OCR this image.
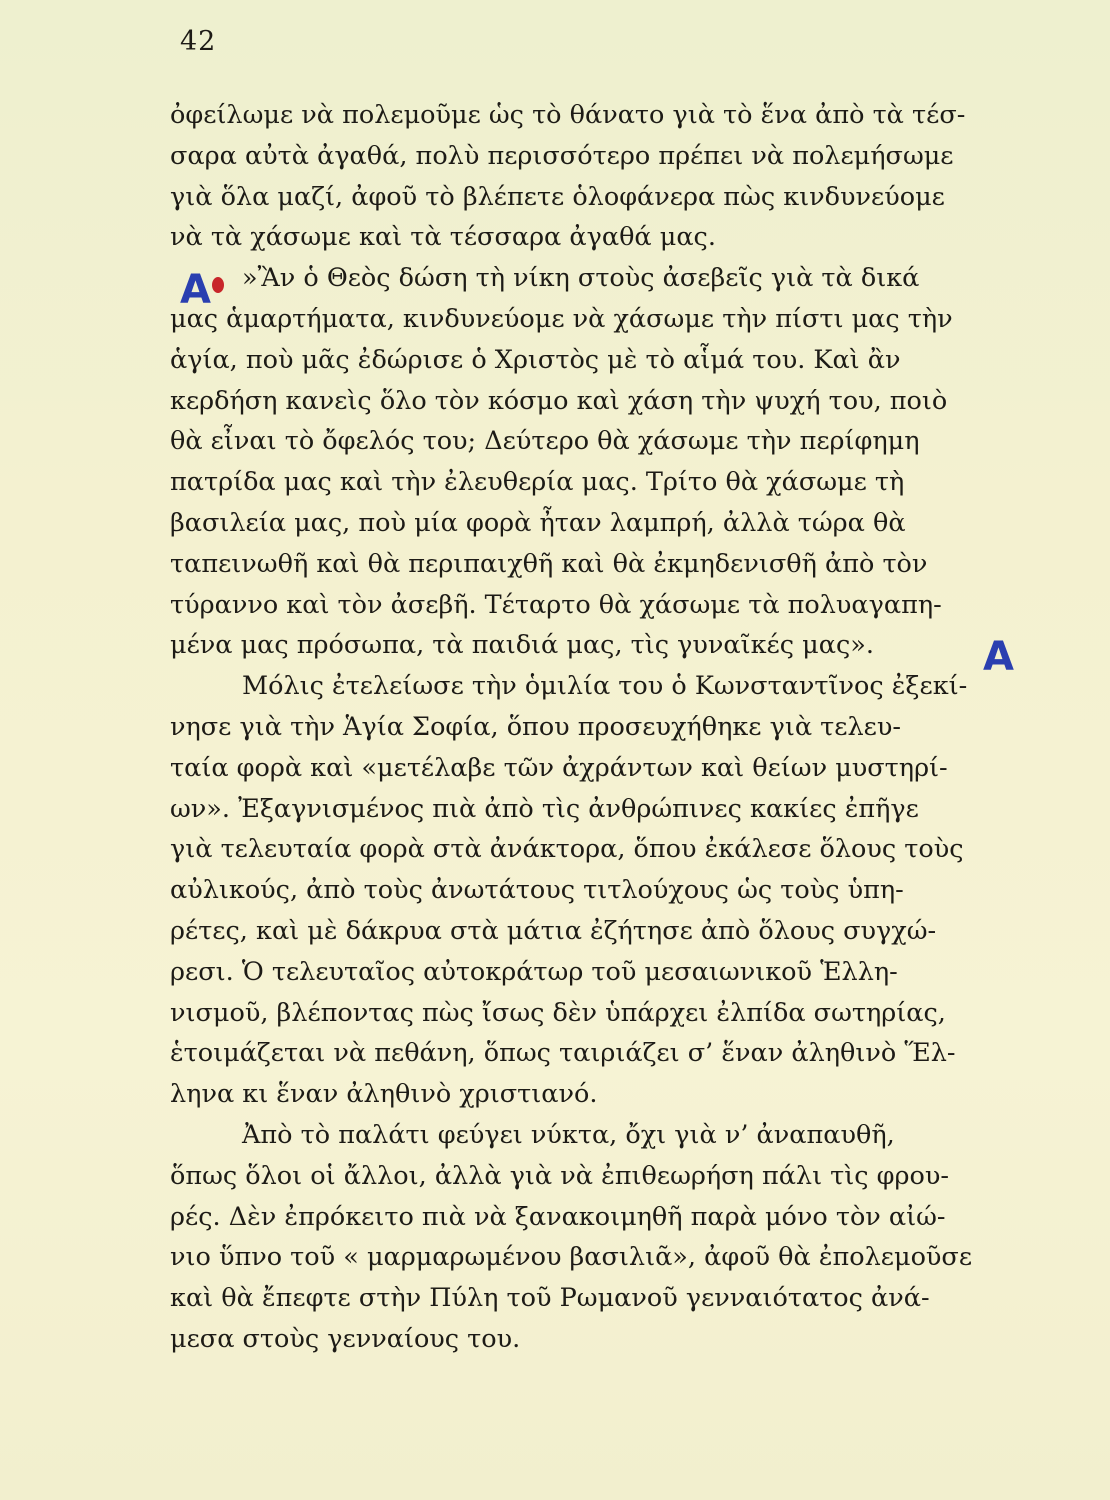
42
A
A
ὀφείλωμε νὰ πολεμοῦμε ὡς τὸ θάνατο γιὰ τὸ ἕνα ἀπὸ τὰ τέσ-
σαρα αὐτὰ ἀγαθά, πολὺ περισσότερο πρέπει νὰ πολεμήσωμε
γιὰ ὅλα μαζί, ἀφοῦ τὸ βλέπετε ὁλοφάνερα πὼς κινδυνεύομε
νὰ τὰ χάσωμε καὶ τὰ τέσσαρα ἀγαθά μας.
»Ἂν ὁ Θεὸς δώση τὴ νίκη στοὺς ἀσεβεῖς γιὰ τὰ δικά
μας ἁμαρτήματα, κινδυνεύομε νὰ χάσωμε τὴν πίστι μας τὴν
ἁγία, ποὺ μᾶς ἐδώρισε ὁ Χριστὸς μὲ τὸ αἷμά του. Καὶ ἂν
κερδήση κανεὶς ὅλο τὸν κόσμο καὶ χάση τὴν ψυχή του, ποιὸ
θὰ εἶναι τὸ ὄφελός του; Δεύτερο θὰ χάσωμε τὴν περίφημη
πατρίδα μας καὶ τὴν ἐλευθερία μας. Τρίτο θὰ χάσωμε τὴ
βασιλεία μας, ποὺ μία φορὰ ἦταν λαμπρή, ἀλλὰ τώρα θὰ
ταπεινωθῆ καὶ θὰ περιπαιχθῆ καὶ θὰ ἐκμηδενισθῆ ἀπὸ τὸν
τύραννο καὶ τὸν ἀσεβῆ. Τέταρτο θὰ χάσωμε τὰ πολυαγαπη-
μένα μας πρόσωπα, τὰ παιδιά μας, τὶς γυναῖκές μας».
Μόλις ἐτελείωσε τὴν ὁμιλία του ὁ Κωνσταντῖνος ἐξεκί-
νησε γιὰ τὴν Ἁγία Σοφία, ὅπου προσευχήθηκε γιὰ τελευ-
ταία φορὰ καὶ «μετέλαβε τῶν ἀχράντων καὶ θείων μυστηρί-
ων». Ἐξαγνισμένος πιὰ ἀπὸ τὶς ἀνθρώπινες κακίες ἐπῆγε
γιὰ τελευταία φορὰ στὰ ἀνάκτορα, ὅπου ἐκάλεσε ὅλους τοὺς
αὐλικούς, ἀπὸ τοὺς ἀνωτάτους τιτλούχους ὡς τοὺς ὑπη-
ρέτες, καὶ μὲ δάκρυα στὰ μάτια ἐζήτησε ἀπὸ ὅλους συγχώ-
ρεσι. Ὁ τελευταῖος αὐτοκράτωρ τοῦ μεσαιωνικοῦ Ἑλλη-
νισμοῦ, βλέποντας πὼς ἴσως δὲν ὑπάρχει ἐλπίδα σωτηρίας,
ἑτοιμάζεται νὰ πεθάνη, ὅπως ταιριάζει σ’ ἕναν ἀληθινὸ Ἕλ-
ληνα κι ἕναν ἀληθινὸ χριστιανό.
Ἀπὸ τὸ παλάτι φεύγει νύκτα, ὄχι γιὰ ν’ ἀναπαυθῆ,
ὅπως ὅλοι οἱ ἄλλοι, ἀλλὰ γιὰ νὰ ἐπιθεωρήση πάλι τὶς φρου-
ρές. Δὲν ἐπρόκειτο πιὰ νὰ ξανακοιμηθῆ παρὰ μόνο τὸν αἰώ-
νιο ὕπνο τοῦ « μαρμαρωμένου βασιλιᾶ», ἀφοῦ θὰ ἐπολεμοῦσε
καὶ θὰ ἔπεφτε στὴν Πύλη τοῦ Ρωμανοῦ γενναιότατος ἀνά-
μεσα στοὺς γενναίους του.
